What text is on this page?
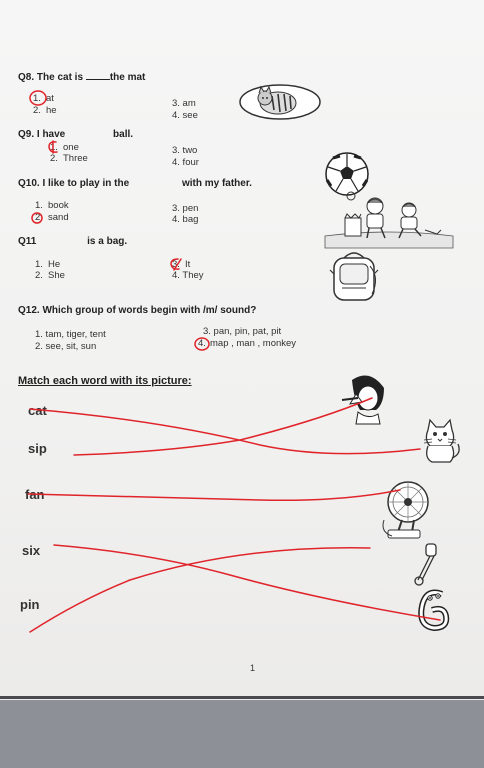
Q8. The cat is	the mat
1. at
2. he
3. am
4. see
Q9. I have	ball.
1. one
2. Three
3. two
4. four
Q10. I like to play in the	with my father.
1. book
2. sand
3. pen
4. bag
Q11	is a bag.
1. He
2. She
3. It
4. They
Q12. Which group of words begin with /m/ sound?
1. tam, tiger, tent
2. see, sit, sun
3. pan, pin, pat, pit
4. map , man , monkey
Match each word with its picture:
cat
sip
fan
six
pin
1
